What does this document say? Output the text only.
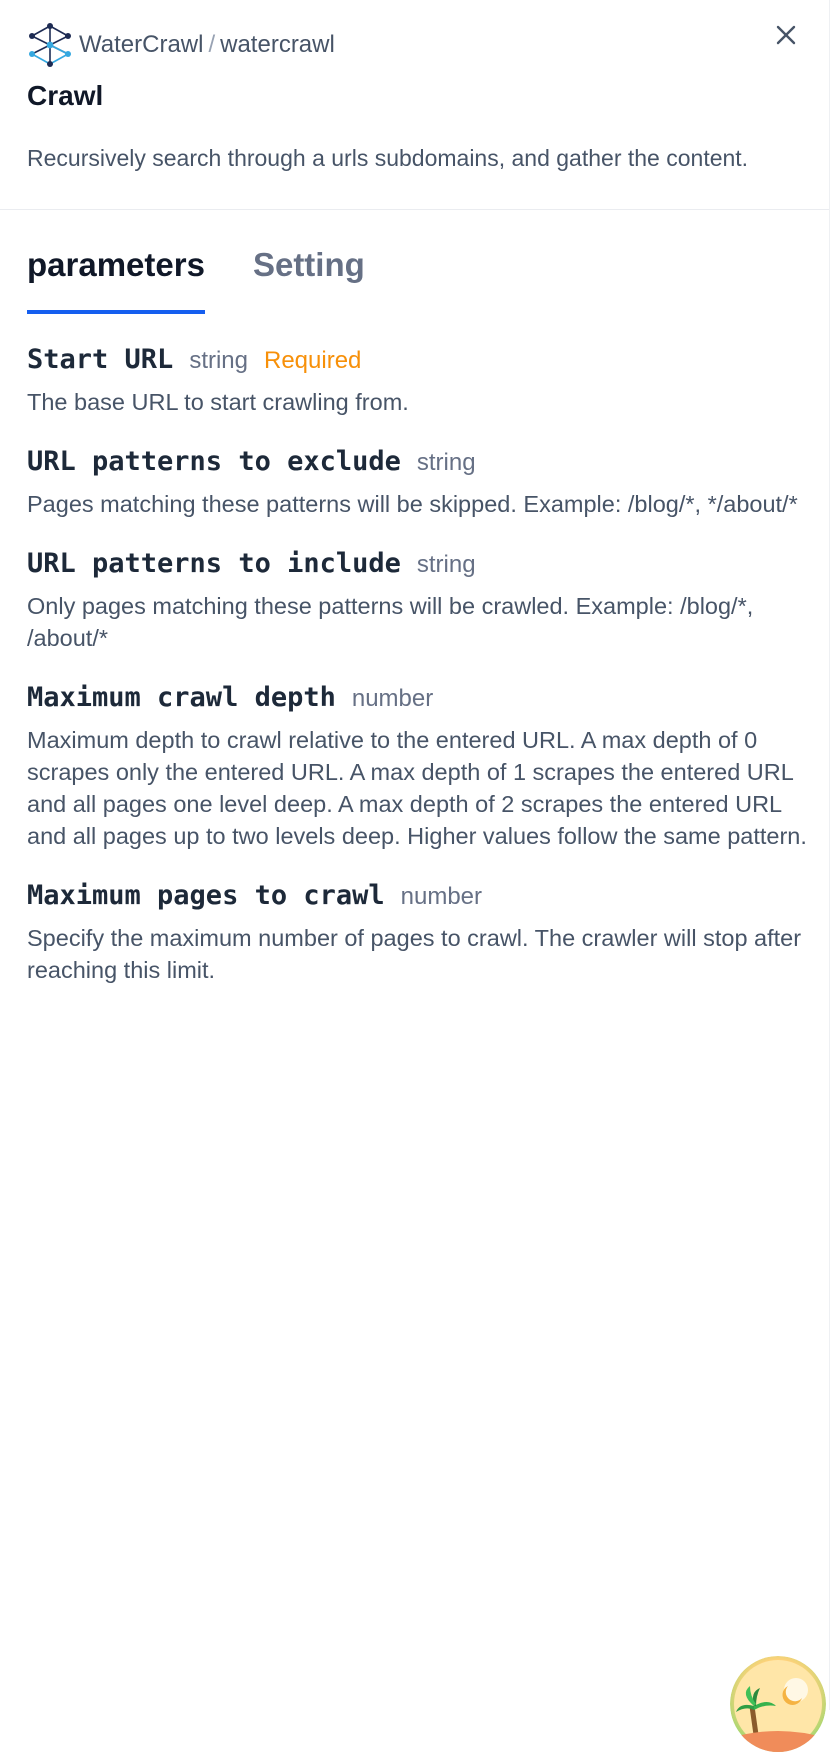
WaterCrawl / watercrawl
Crawl
Recursively search through a urls subdomains, and gather the content.
parameters Setting
Start URL string Required
The base URL to start crawling from.
URL patterns to exclude string
Pages matching these patterns will be skipped. Example: /blog/*, */about/*
URL patterns to include string
Only pages matching these patterns will be crawled. Example: /blog/*, /about/*
Maximum crawl depth number
Maximum depth to crawl relative to the entered URL. A max depth of 0 scrapes only the entered URL. A max depth of 1 scrapes the entered URL and all pages one level deep. A max depth of 2 scrapes the entered URL and all pages up to two levels deep. Higher values follow the same pattern.
Maximum pages to crawl number
Specify the maximum number of pages to crawl. The crawler will stop after reaching this limit.
